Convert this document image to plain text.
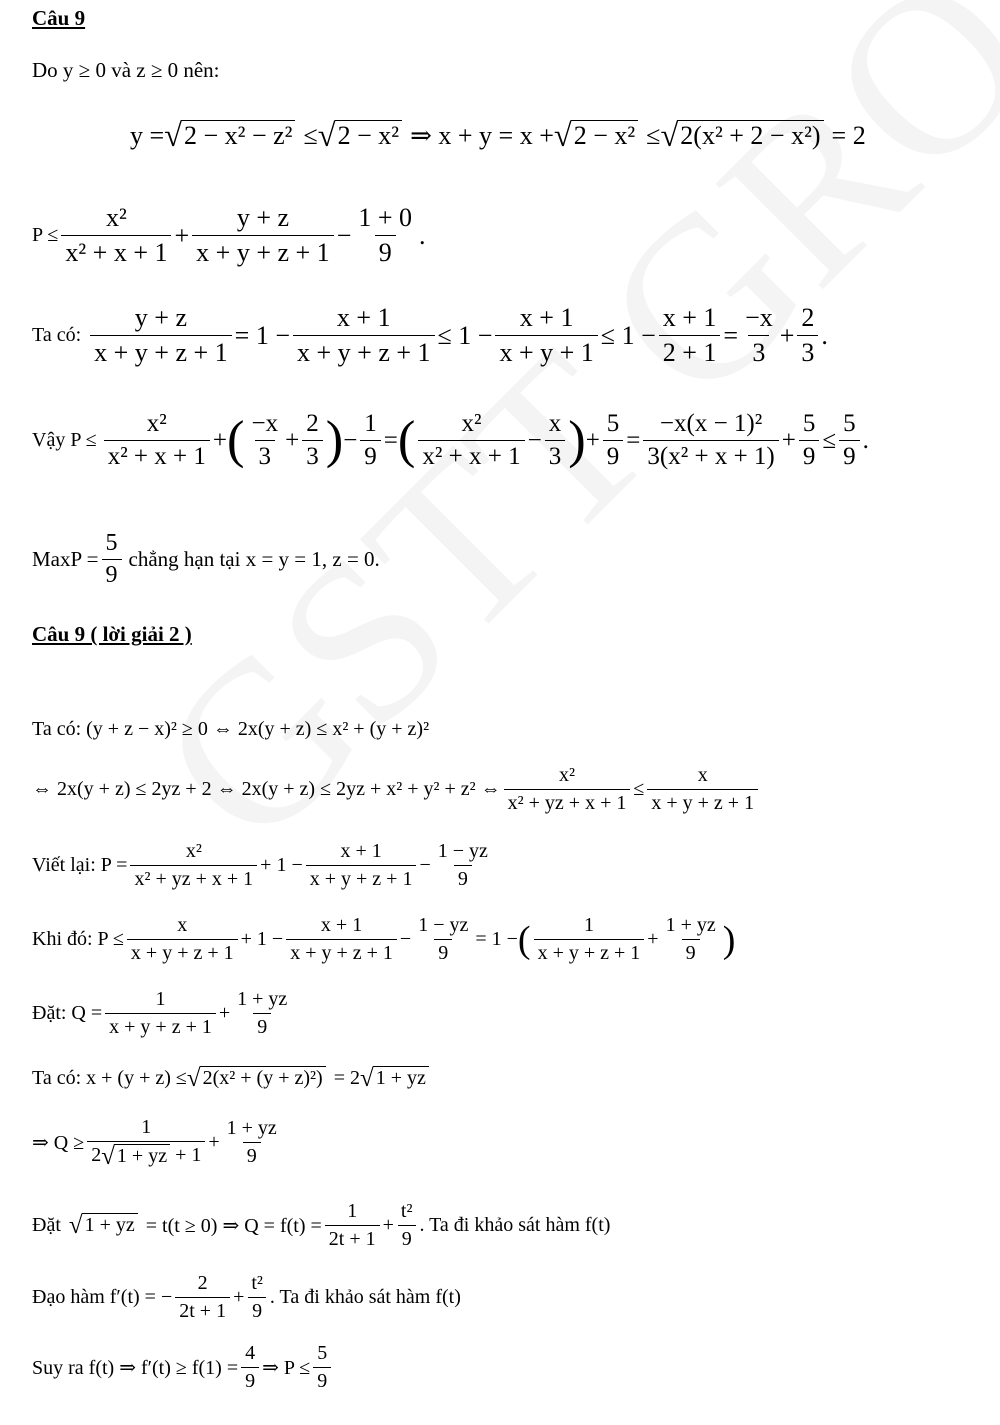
Câu 9
Do y ≥ 0 và z ≥ 0 nên:
y = √ 2 − x² − z² ≤ √ 2 − x² ⇒ x + y = x + √ 2 − x² ≤ √ 2(x² + 2 − x²) = 2
$P \le \frac{\text{x²}}{\text{x² + x + 1}} + \frac{y + z}{x + y + z + 1} - \frac{1 + 0}{9}$ .
Ta có: $\frac{y + z}{x + y + z + 1} = 1 - \frac{x + 1}{x + y + z + 1} \le 1 - \frac{x + 1}{x + y + 1} \le 1 - \frac{x + 1}{2 + 1} = \frac{-x}{3} + \frac{2}{3}$ .
Vậy $P \le \frac{\text{x²}}{\text{x² + x + 1}}$ + ( $\frac{-x}{3} + \frac{2}{3}$ ) − $\frac{1}{9}$ = ( $\frac{\text{x²}}{\text{x² + x + 1}} - \frac{x}{3}$ ) + $\frac{5}{9} = \frac{\text{−x(x − 1)²}}{\text{3(x² + x + 1)}} + \frac{5}{9} \le \frac{5}{9}$ .
MaxP = $\frac{5}{9}$ chẳng hạn tại x = y = 1, z = 0.
Câu 9 ( lời giải 2 )
Ta có: (y + z − x)² ≥ 0 ⇔ 2x(y + z) ≤ x² + (y + z)²
⇔ 2x(y + z) ≤ 2yz + 2 ⇔ 2x(y + z) ≤ 2yz + x² + y² + z² ⇔ $\frac{\text{x²}}{\text{x² + yz + x + 1}} \le \frac{x}{x + y + z + 1}$
Viết lại: $P = \frac{\text{x²}}{\text{x² + yz + x + 1}} + 1 - \frac{x + 1}{x + y + z + 1} - \frac{1 - yz}{9}$
Khi đó: $P \le \frac{x}{x + y + z + 1} + 1 - \frac{x + 1}{x + y + z + 1} - \frac{1 - yz}{9} = 1$ − ( $\frac{1}{x + y + z + 1} + \frac{1 + yz}{9}$ )
Đặt: $Q = \frac{1}{x + y + z + 1} + \frac{1 + yz}{9}$
Ta có: x + (y + z) ≤ √ 2(x² + (y + z)²) = 2 √ 1 + yz
⇒ $Q \ge \frac{1}{2 √ 1 + yz + 1} + \frac{1 + yz}{9}$
Đặt √ 1 + yz = t(t ≥ 0) ⇒ $Q = f(t) = \frac{1}{2t + 1} + \frac{\text{t²}}{9}$ . Ta đi khảo sát hàm f(t)
Đạo hàm f′(t) = − $\frac{2}{2t + 1} + \frac{\text{t²}}{9}$ . Ta đi khảo sát hàm f(t)
Suy ra f(t) ⇒ $f'(t) \ge f(1) = \frac{4}{9}$ ⇒ $P \le \frac{5}{9}$
